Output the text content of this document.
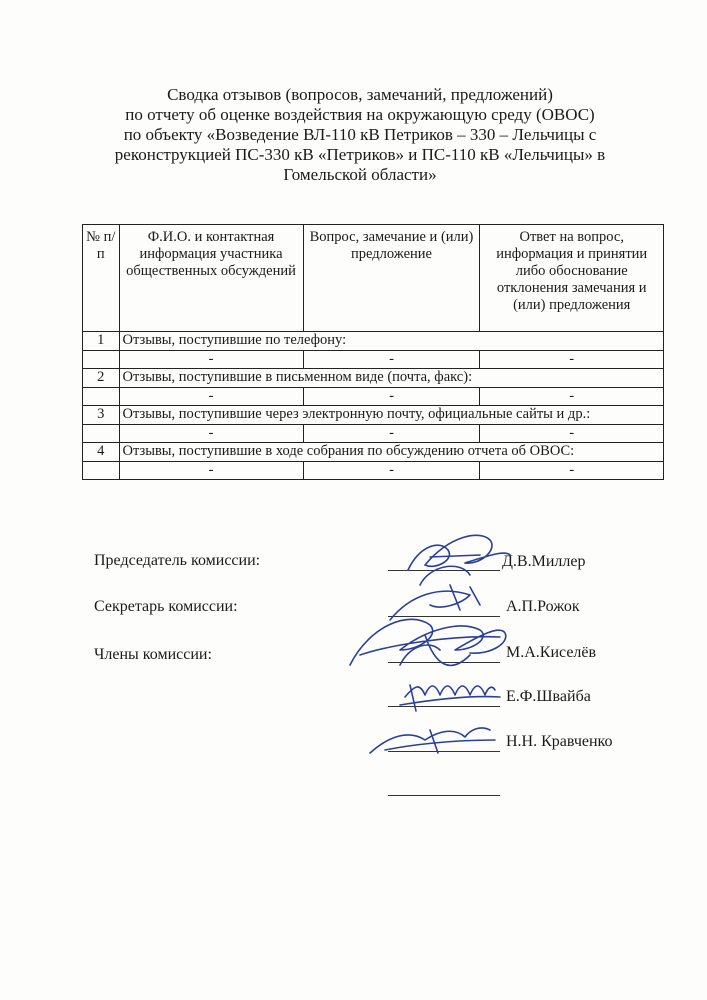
Сводка отзывов (вопросов, замечаний, предложений)
по отчету об оценке воздействия на окружающую среду (ОВОС)
по объекту «Возведение ВЛ-110 кВ Петриков – 330 – Лельчицы с
реконструкцией ПС-330 кВ «Петриков» и ПС-110 кВ «Лельчицы» в
Гомельской области»
№ п/п	Ф.И.О. и контактная информация участника общественных обсуждений	Вопрос, замечание и (или) предложение	Ответ на вопрос, информация и принятии либо обоснование отклонения замечания и (или) предложения
1	Отзывы, поступившие по телефону:		
	-	-	-
2	Отзывы, поступившие в письменном виде (почта, факс):		
	-	-	-
3	Отзывы, поступившие через электронную почту, официальные сайты и др.:		
	-	-	-
4	Отзывы, поступившие в ходе собрания по обсуждению отчета об ОВОС:		
	-	-	-
Председатель комиссии:
Секретарь комиссии:
Члены комиссии:
Д.В.Миллер
А.П.Рожок
М.А.Киселёв
Е.Ф.Швайба
Н.Н. Кравченко
